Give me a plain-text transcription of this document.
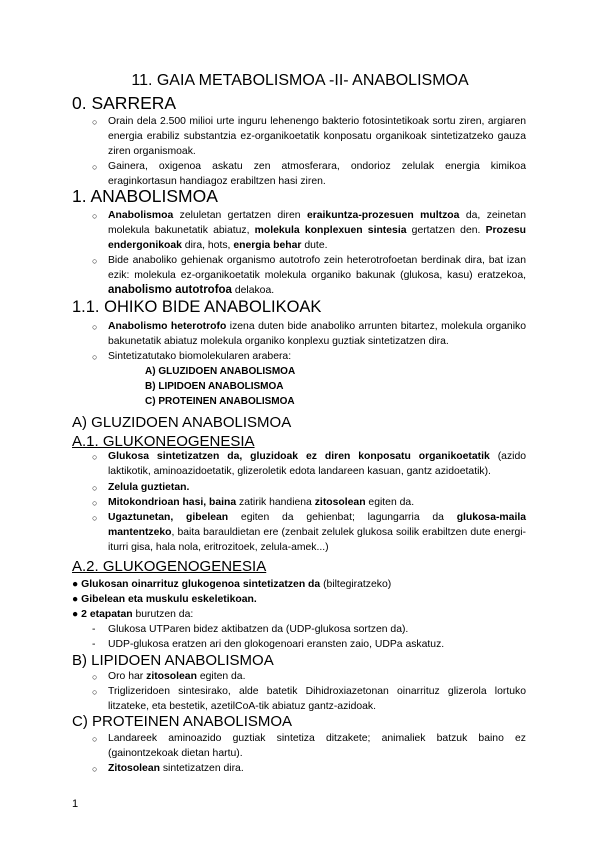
11. GAIA METABOLISMOA -II- ANABOLISMOA
0. SARRERA
○ Orain dela 2.500 milioi urte inguru lehenengo bakterio fotosintetikoak sortu ziren, argiaren energia erabiliz substantzia ez-organikoetatik konposatu organikoak sintetizatzeko gauza ziren organismoak.
○ Gainera, oxigenoa askatu zen atmosferara, ondorioz zelulak energia kimikoa eraginkortasun handiagoz erabiltzen hasi ziren.
1. ANABOLISMOA
○ Anabolismoa zeluletan gertatzen diren eraikuntza-prozesuen multzoa da, zeinetan molekula bakunetatik abiatuz, molekula konplexuen sintesia gertatzen den. Prozesu endergonikoak dira, hots, energia behar dute.
○ Bide anaboliko gehienak organismo autotrofo zein heterotrofoetan berdinak dira, bat izan ezik: molekula ez-organikoetatik molekula organiko bakunak (glukosa, kasu) eratzekoa, anabolismo autotrofoa delakoa.
1.1. OHIKO BIDE ANABOLIKOAK
○ Anabolismo heterotrofo izena duten bide anaboliko arrunten bitartez, molekula organiko bakunetatik abiatuz molekula organiko konplexu guztiak sintetizatzen dira.
○ Sintetizatutako biomolekularen arabera:
A) GLUZIDOEN ANABOLISMOA
B) LIPIDOEN ANABOLISMOA
C) PROTEINEN ANABOLISMOA
A) GLUZIDOEN ANABOLISMOA
A.1. GLUKONEOGENESIA
○ Glukosa sintetizatzen da, gluzidoak ez diren konposatu organikoetatik (azido laktikotik, aminoazidoetatik, glizeroletik edota landareen kasuan, gantz azidoetatik).
○ Zelula guztietan.
○ Mitokondrioan hasi, baina zatirik handiena zitosolean egiten da.
○ Ugaztunetan, gibelean egiten da gehienbat; lagungarria da glukosa-maila mantentzeko, baita barauldietan ere (zenbait zelulek glukosa soilik erabiltzen dute energi-iturri gisa, hala nola, eritrozitoek, zelula-amek...)
A.2. GLUKOGENOGENESIA
● Glukosan oinarrituz glukogenoa sintetizatzen da (biltegiratzeko)
● Gibelean eta muskulu eskeletikoan.
● 2 etapatan burutzen da:
- Glukosa UTParen bidez aktibatzen da (UDP-glukosa sortzen da).
- UDP-glukosa eratzen ari den glokogenoari eransten zaio, UDPa askatuz.
B) LIPIDOEN ANABOLISMOA
○ Oro har zitosolean egiten da.
○ Triglizeridoen sintesirako, alde batetik Dihidroxiazetonan oinarrituz glizerola lortuko litzateke, eta bestetik, azetilCoA-tik abiatuz gantz-azidoak.
C) PROTEINEN ANABOLISMOA
○ Landareek aminoazido guztiak sintetiza ditzakete; animaliek batzuk baino ez (gainontzekoak dietan hartu).
○ Zitosolean sintetizatzen dira.
1
